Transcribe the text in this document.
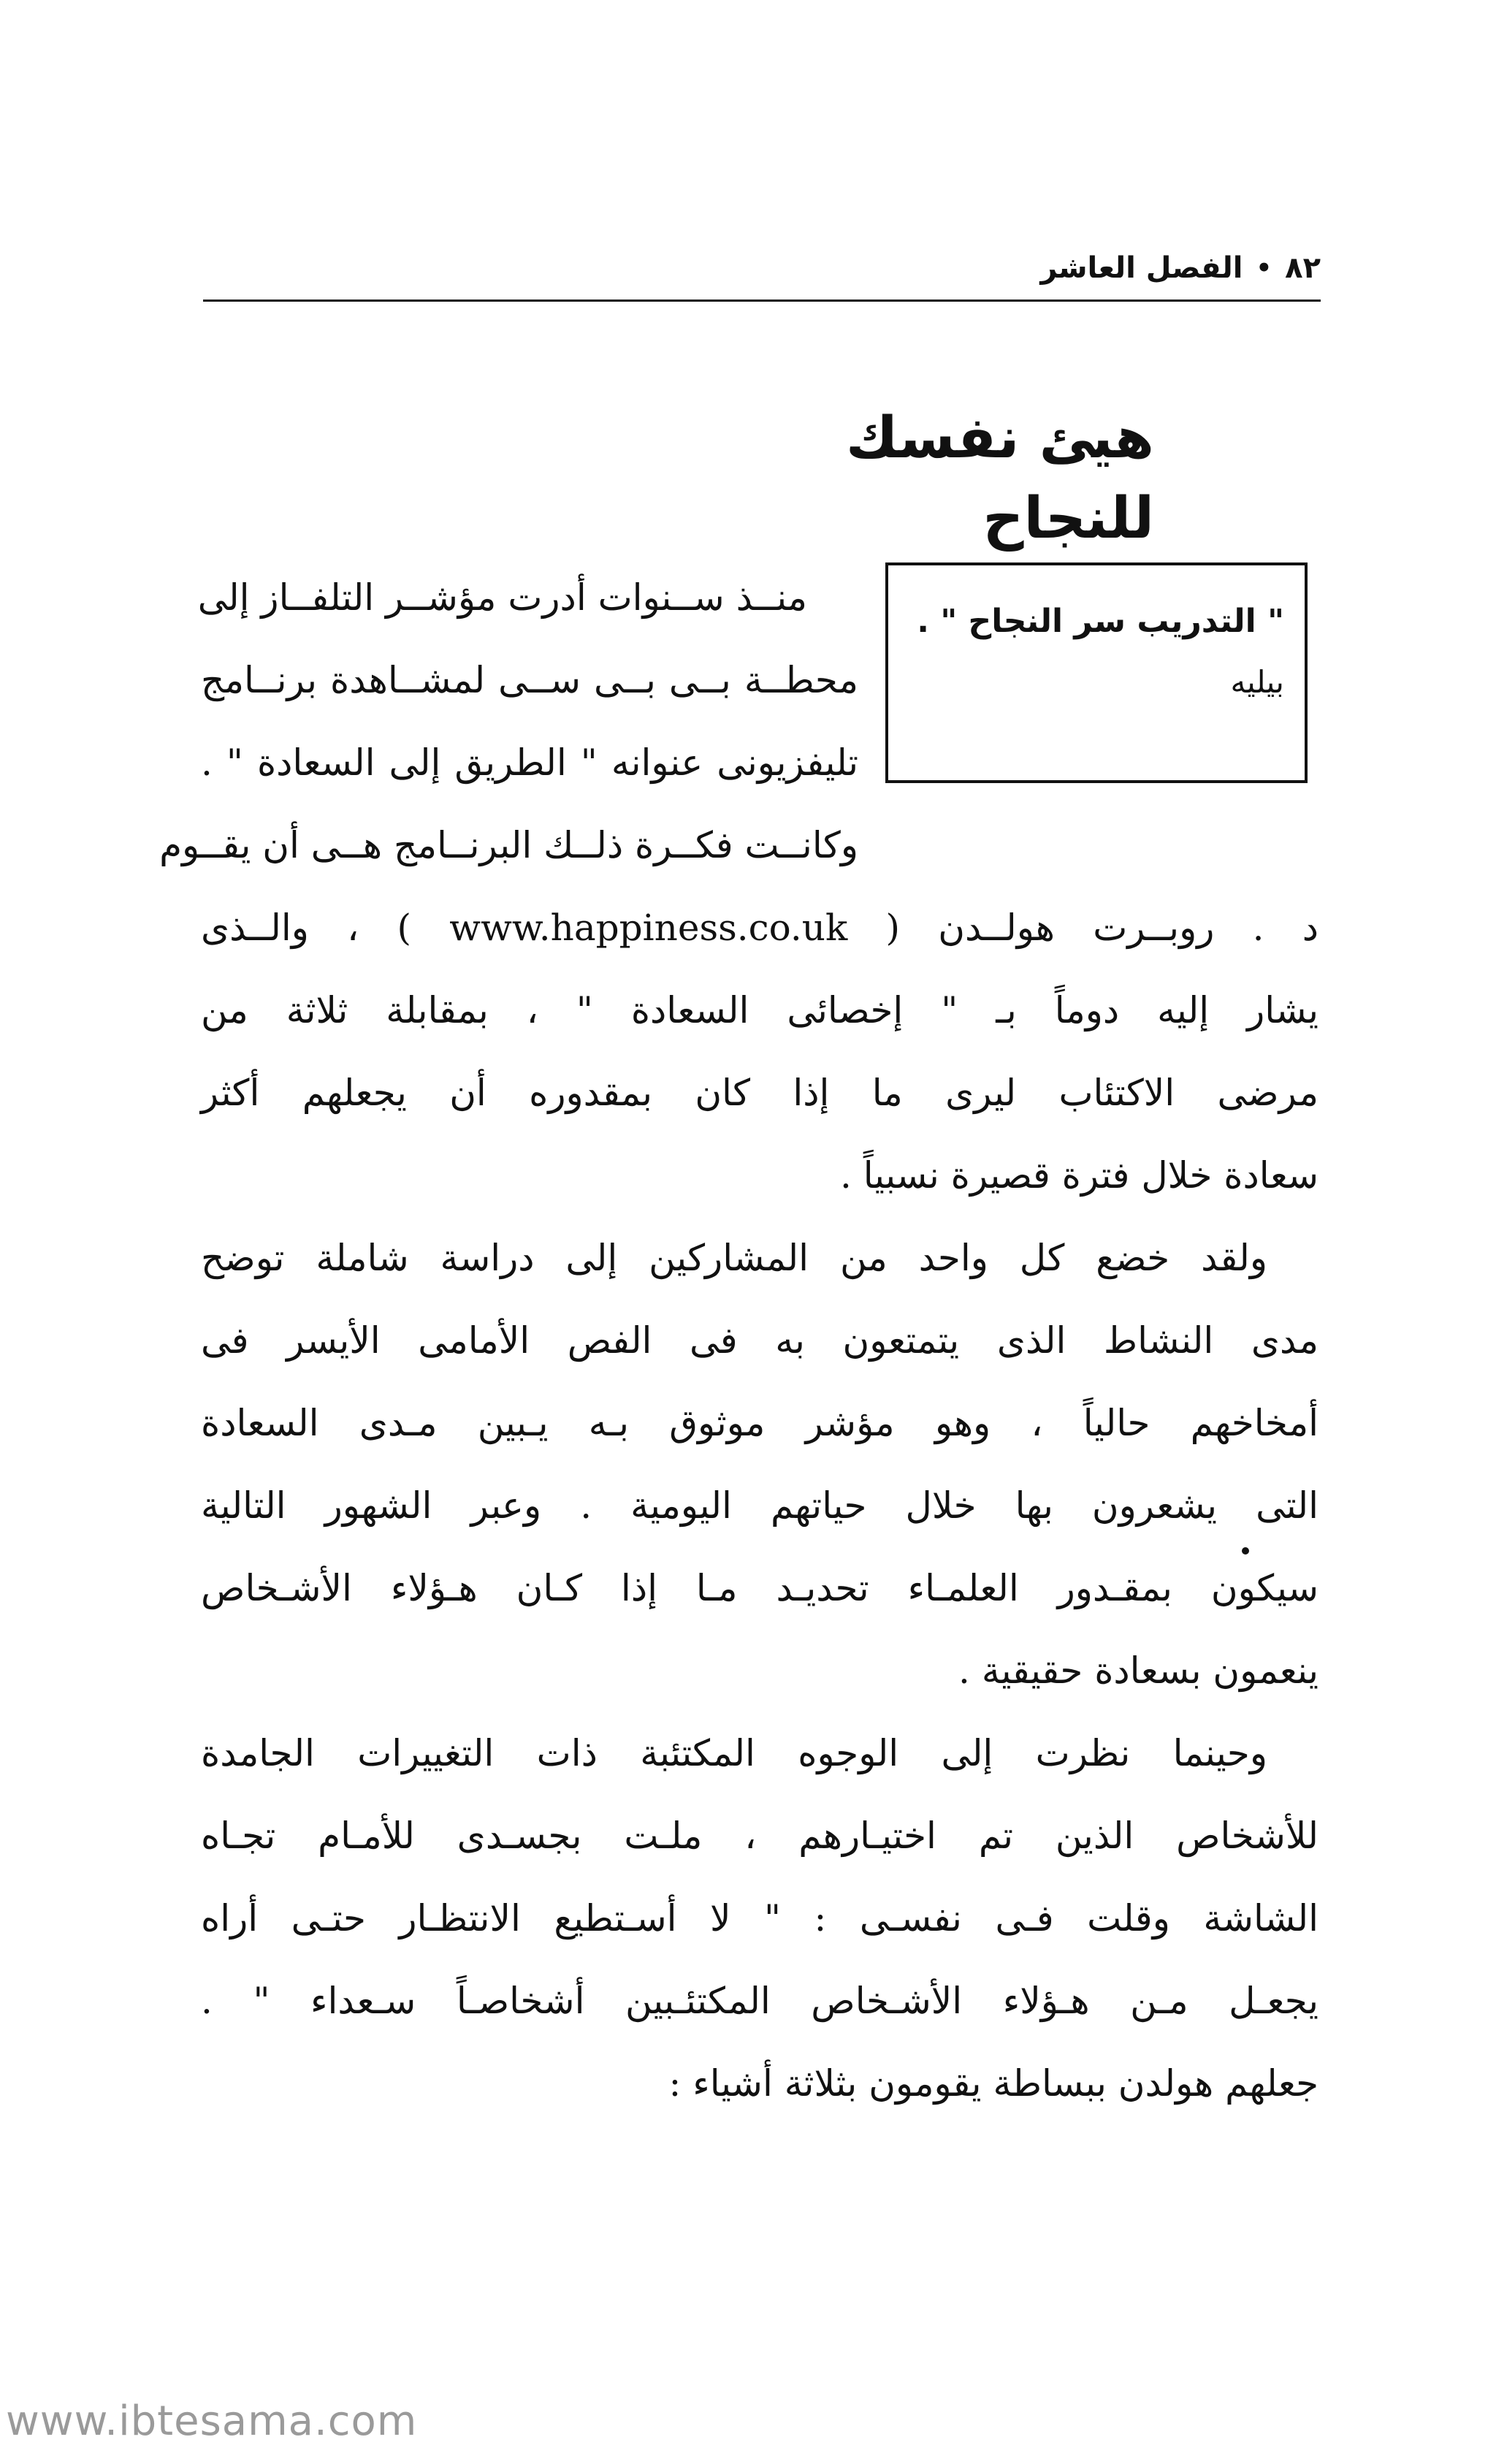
٨٢
•
الفصل العاشر
هيئ نفسك للنجاح
" التدريب سر النجاح " .
بيليه
منــذ ســنوات أدرت مؤشــر التلفــاز إلى
محطــة بــى بــى ســى لمشــاهدة برنــامج
تليفزيونى عنوانه " الطريق إلى السعادة " .
وكانــت فكــرة ذلــك البرنــامج هــى أن يقــوم
د . روبــرت هولــدن ( www.happiness.co.uk ) ، والــذى
يشار إليه دوماً بـ " إخصائى السعادة " ، بمقابلة ثلاثة من
مرضى الاكتئاب ليرى ما إذا كان بمقدوره أن يجعلهم أكثر
سعادة خلال فترة قصيرة نسبياً .
ولقد خضع كل واحد من المشاركين إلى دراسة شاملة توضح
مدى النشاط الذى يتمتعون به فى الفص الأمامى الأيسر فى
أمخاخهم حالياً ، وهو مؤشر موثوق بـه يـبين مـدى السعادة
التى يشعرون بها خلال حياتهم اليومية . وعبر الشهور التالية
سيكون بمقـدور العلمـاء تحديـد مـا إذا كـان هـؤلاء الأشـخاص
ينعمون بسعادة حقيقية .
وحينما نظرت إلى الوجوه المكتئبة ذات التغييرات الجامدة
للأشخاص الذين تم اختيـارهم ، ملـت بجسـدى للأمـام تجـاه
الشاشة وقلت فـى نفسـى : " لا أسـتطيع الانتظـار حتـى أراه
يجعـل مـن هـؤلاء الأشـخاص المكتئـبين أشخاصـاً سـعداء " .
جعلهم هولدن ببساطة يقومون بثلاثة أشياء :
www.ibtesama.com
